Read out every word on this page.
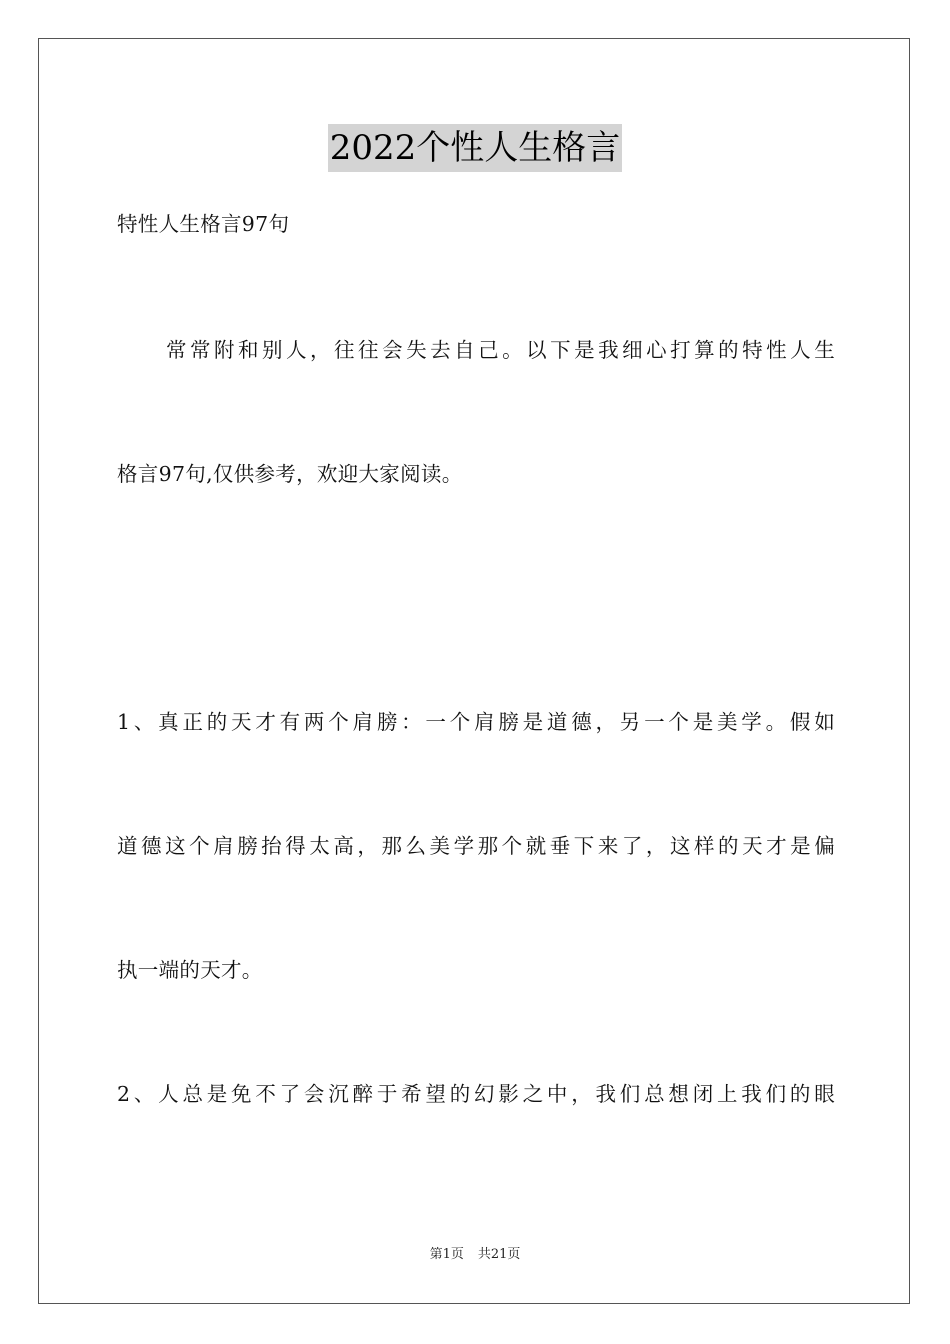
2022个性人生格言
特性人生格言97句
常常附和别人，往往会失去自己。以下是我细心打算的特性人生
格言97句,仅供参考，欢迎大家阅读。
1、真正的天才有两个肩膀：一个肩膀是道德，另一个是美学。假如
道德这个肩膀抬得太高，那么美学那个就垂下来了，这样的天才是偏
执一端的天才。
2、人总是免不了会沉醉于希望的幻影之中，我们总想闭上我们的眼
第1页 共21页
